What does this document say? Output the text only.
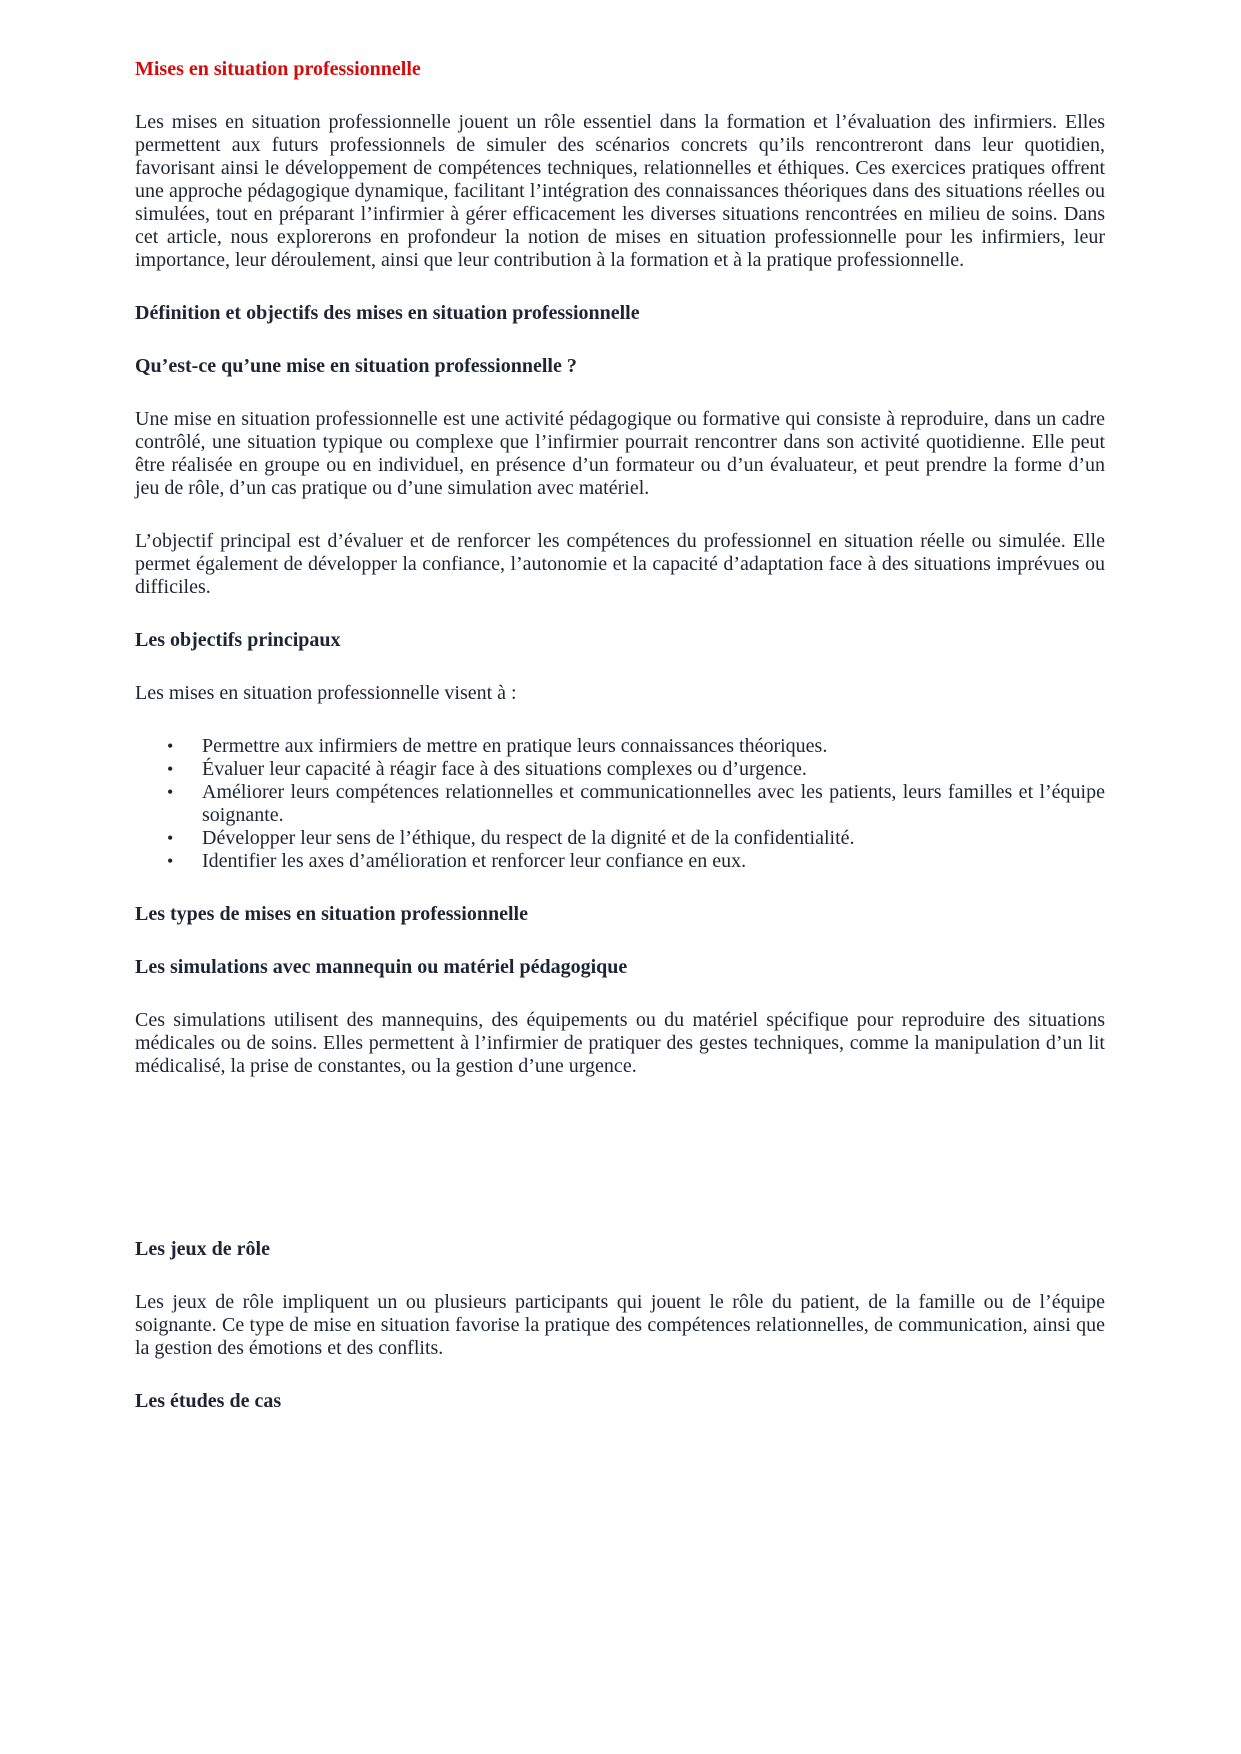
Mises en situation professionnelle

Les mises en situation professionnelle jouent un rôle essentiel dans la formation et l’évaluation des infirmiers. Elles permettent aux futurs professionnels de simuler des scénarios concrets qu’ils rencontreront dans leur quotidien, favorisant ainsi le développement de compétences techniques, relationnelles et éthiques. Ces exercices pratiques offrent une approche pédagogique dynamique, facilitant l’intégration des connaissances théoriques dans des situations réelles ou simulées, tout en préparant l’infirmier à gérer efficacement les diverses situations rencontrées en milieu de soins. Dans cet article, nous explorerons en profondeur la notion de mises en situation professionnelle pour les infirmiers, leur importance, leur déroulement, ainsi que leur contribution à la formation et à la pratique professionnelle.

Définition et objectifs des mises en situation professionnelle
Qu’est-ce qu’une mise en situation professionnelle ?

Une mise en situation professionnelle est une activité pédagogique ou formative qui consiste à reproduire, dans un cadre contrôlé, une situation typique ou complexe que l’infirmier pourrait rencontrer dans son activité quotidienne. Elle peut être réalisée en groupe ou en individuel, en présence d’un formateur ou d’un évaluateur, et peut prendre la forme d’un jeu de rôle, d’un cas pratique ou d’une simulation avec matériel.

L’objectif principal est d’évaluer et de renforcer les compétences du professionnel en situation réelle ou simulée. Elle permet également de développer la confiance, l’autonomie et la capacité d’adaptation face à des situations imprévues ou difficiles.

Les objectifs principaux

Les mises en situation professionnelle visent à :

• Permettre aux infirmiers de mettre en pratique leurs connaissances théoriques.
• Évaluer leur capacité à réagir face à des situations complexes ou d’urgence.
• Améliorer leurs compétences relationnelles et communicationnelles avec les patients, leurs familles et l’équipe soignante.
• Développer leur sens de l’éthique, du respect de la dignité et de la confidentialité.
• Identifier les axes d’amélioration et renforcer leur confiance en eux.
Les types de mises en situation professionnelle
Les simulations avec mannequin ou matériel pédagogique

Ces simulations utilisent des mannequins, des équipements ou du matériel spécifique pour reproduire des situations médicales ou de soins. Elles permettent à l’infirmier de pratiquer des gestes techniques, comme la manipulation d’un lit médicalisé, la prise de constantes, ou la gestion d’une urgence.

Les jeux de rôle

Les jeux de rôle impliquent un ou plusieurs participants qui jouent le rôle du patient, de la famille ou de l’équipe soignante. Ce type de mise en situation favorise la pratique des compétences relationnelles, de communication, ainsi que la gestion des émotions et des conflits.

Les études de cas
